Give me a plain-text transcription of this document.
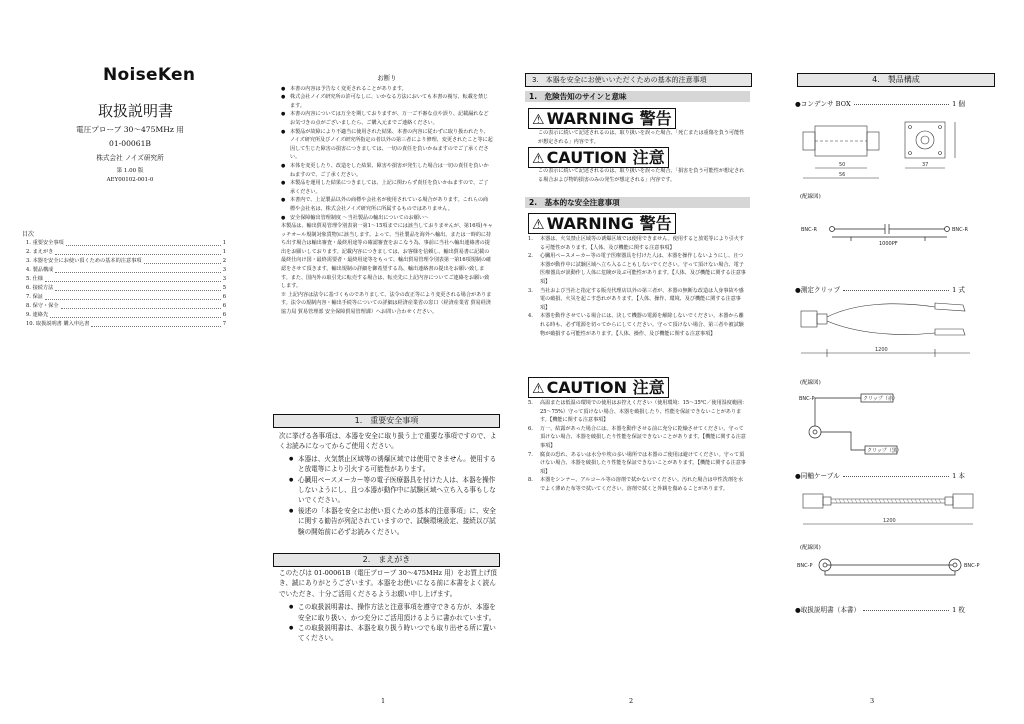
NoiseKen
取扱説明書
電圧プローブ 30～475MHz 用
01-00061B
株式会社 ノイズ研究所
第 1.00 版
AEY00102-001-0
目次
1. 重要安全事項	1
2. まえがき	1
3. 本器を安全にお使い頂くための基本的注意事項	2
4. 製品構成	3
5. 仕様	3
6. 接続方法	5
7. 保証	6
8. 保守・保全	6
9. 連絡先	6
10. 取扱説明書 購入申込書	7
1
お断り
● 本書の内容は予告なく変更されることがあります。
● 株式会社ノイズ研究所の許可なしに、いかなる方法においても本書の複写、転載を禁じます。
● 本書の内容については万全を期しておりますが、万一ご不審な点や誤り、記載漏れなどお気づきの点がございましたら、ご購入元までご連絡ください。
● 本製品が故障により不適当に使用された結果、本書の内容に従わずに取り扱われたり、ノイズ研究所及びノイズ研究所指定の者以外の第三者により修理、変更されたこと等に起因して生じた障害の損害につきましては、一切の責任を負いかねますのでご了承ください。
● 本体を変更したり、改造をした結果、障害や損害が発生した場合は一切の責任を負いかねますので、ご了承ください。
● 本製品を運用した結果につきましては、上記に関わらず責任を負いかねますので、ご了承ください。
● 本書内で、上記製品以外の商標や会社名が使用されている場合があります。これらの商標や会社名は、株式会社ノイズ研究所に所属するものではありません。
● 安全保障輸出管理制度 〜当社製品の輸出についてのお願い〜
本製品は、輸出貿易管理令別表第一第1～15項までには該当しておりませんが、第16項(キャッチオール規制対象貨物)に該当します。よって、当社製品を海外へ輸出、または一時的に持ち出す場合は輸出審査・最終用途等の確認審査をおこなう為、事前に当社へ輸出連絡書の提出をお願いしております。記載内容につきましては、お客様を信頼し、輸出貿易書に記載の最終仕向け国・最終需要者・最終用途等をもって、輸出貿易管理令別表第一第16項規制の確認をさせて頂きます。輸出規制の詳細を御希望する為、輸出連絡書の提出をお願い致します。また、国内外の取引先に転売する場合は、転売先に上記内容についてご連絡をお願い致します。
※ 上記内容は法令に基づくものでありまして、法令の改正等により変更される場合があります。法令の規制内容・輸出手続等についての詳細は経済産業省の窓口（経済産業省 貿易経済協力局 貿易管理部 安全保障貿易管理課）へお問い合わせください。
1.　重要安全事項
次に挙げる各事項は、本器を安全に取り扱う上で重要な事項ですので、よくお読みになってからご使用ください。
● 本器は、火気禁止区域等の诱爆区域では使用できません。使用すると放電等により引火する可能性があります。
● 心臓用ペースメーカー等の電子医療器具を付けた人は、本器を操作しないようにし、且つ本器が動作中に試験区域へ立ち入る事もしないでください。
● 後述の「本器を安全にお使い頂くための基本的注意事項」に、安全に関する勧告が列記されていますので、試験環境設定、接続以び試験の開始前に必ずお読みください。
2.　まえがき
このたびは 01-00061B（電圧プローブ 30～475MHz 用）をお買上げ頂き、誠にありがとうございます。本器をお使いになる前に本書をよく読んでいただき、十分ご活用くださるようお願い申し上げます。
● この取扱説明書は、操作方法と注意事項を遵守できる方が、本器を安全に取り扱い、かつ充分にご活用頂けるように書かれています。
● この取扱説明書は、本器を取り扱う時いつでも取り出せる所に置いてください。
2
3.　本器を安全にお使いいただくための基本的注意事項
1.　危険告知のサインと意味
⚠ WARNING 警告
この表示に続いて記述されるのは、取り扱いを誤った場合、「死亡または重傷を負う可能性が想定される」内容です。
⚠ CAUTION 注意
この表示に続いて記述されるのは、取り扱いを誤った場合、「損害を負う可能性が想定される場合および物的損害のみの発生が想定される」内容です。
2.　基本的な安全注意事項
⚠ WARNING 警告
1. 本器は、火気禁止区域等の诱爆区域では使用できません。使用すると放電等により引火する可能性があります。【人体、及び機能に関する注意事項】
2. 心臓用ペースメーカー等の電子医療器具を付けた人は、本器を操作しないようにし、且つ本器が動作中に試験区域へ立ち入ることもしないでください。守って頂けない場合、電子医療器具が誤動作し人体に危険が及ぶ可能性があります。【人体、及び機能に関する注意事項】
3. 当社および当社と指定する販売代理店以外の第三者が、本器の無断な改造は人身事故や感電の破損、火災を起こす恐れがあります。【人体、操作、環境、及び機能に関する注意事項】
4. 本器を動作させている場合には、決して機器の電源を解除しないでください。本器から離れる時も、必ず電源を切ってからにしてください。守って頂けない場合、第三者や被試験物が破損する可能性があります。【人体、操作、及び機能に関する注意事項】
⚠ CAUTION 注意
5. 高温または低温の環境での使用はお控えください（使用環境：15～35℃／使用湿度範囲：25～75%）守って頂けない場合、本器を破損したり、性能を保証できないことがあります。【機能に関する注意事項】
6. 万一、結露があった場合には、本器を動作させる前に充分に乾燥させてください。守って頂けない場合、本器を破損したり性能を保証できないことがあります。【機能に関する注意事項】
7. 腐食の恐れ、あるいは水分や埃の多い場所では本器のご使用は避けてください。守って頂けない場合、本器を破損したり性能を保証できないことがあります。【機能に関する注意事項】
8. 本器をシンナー、アルコール等の溶剤で拭かないでください。汚れた場合は中性洗剤を水でよく薄めた布等で拭いてください。溶剤で拭くと外観を傷めることがあります。
4.　製品構成
●コンデンサ BOX	1 個
50
56
37
(配線図)
BNC-R	BNC-R
1000PF
●測定クリップ	1 式
1200
(配線図)
BNC-P	クリップ（赤）
クリップ（黒）
●同軸ケーブル	1 本
1200
(配線図)
BNC-P	BNC-P
●取扱説明書（本書）	1 枚
3
